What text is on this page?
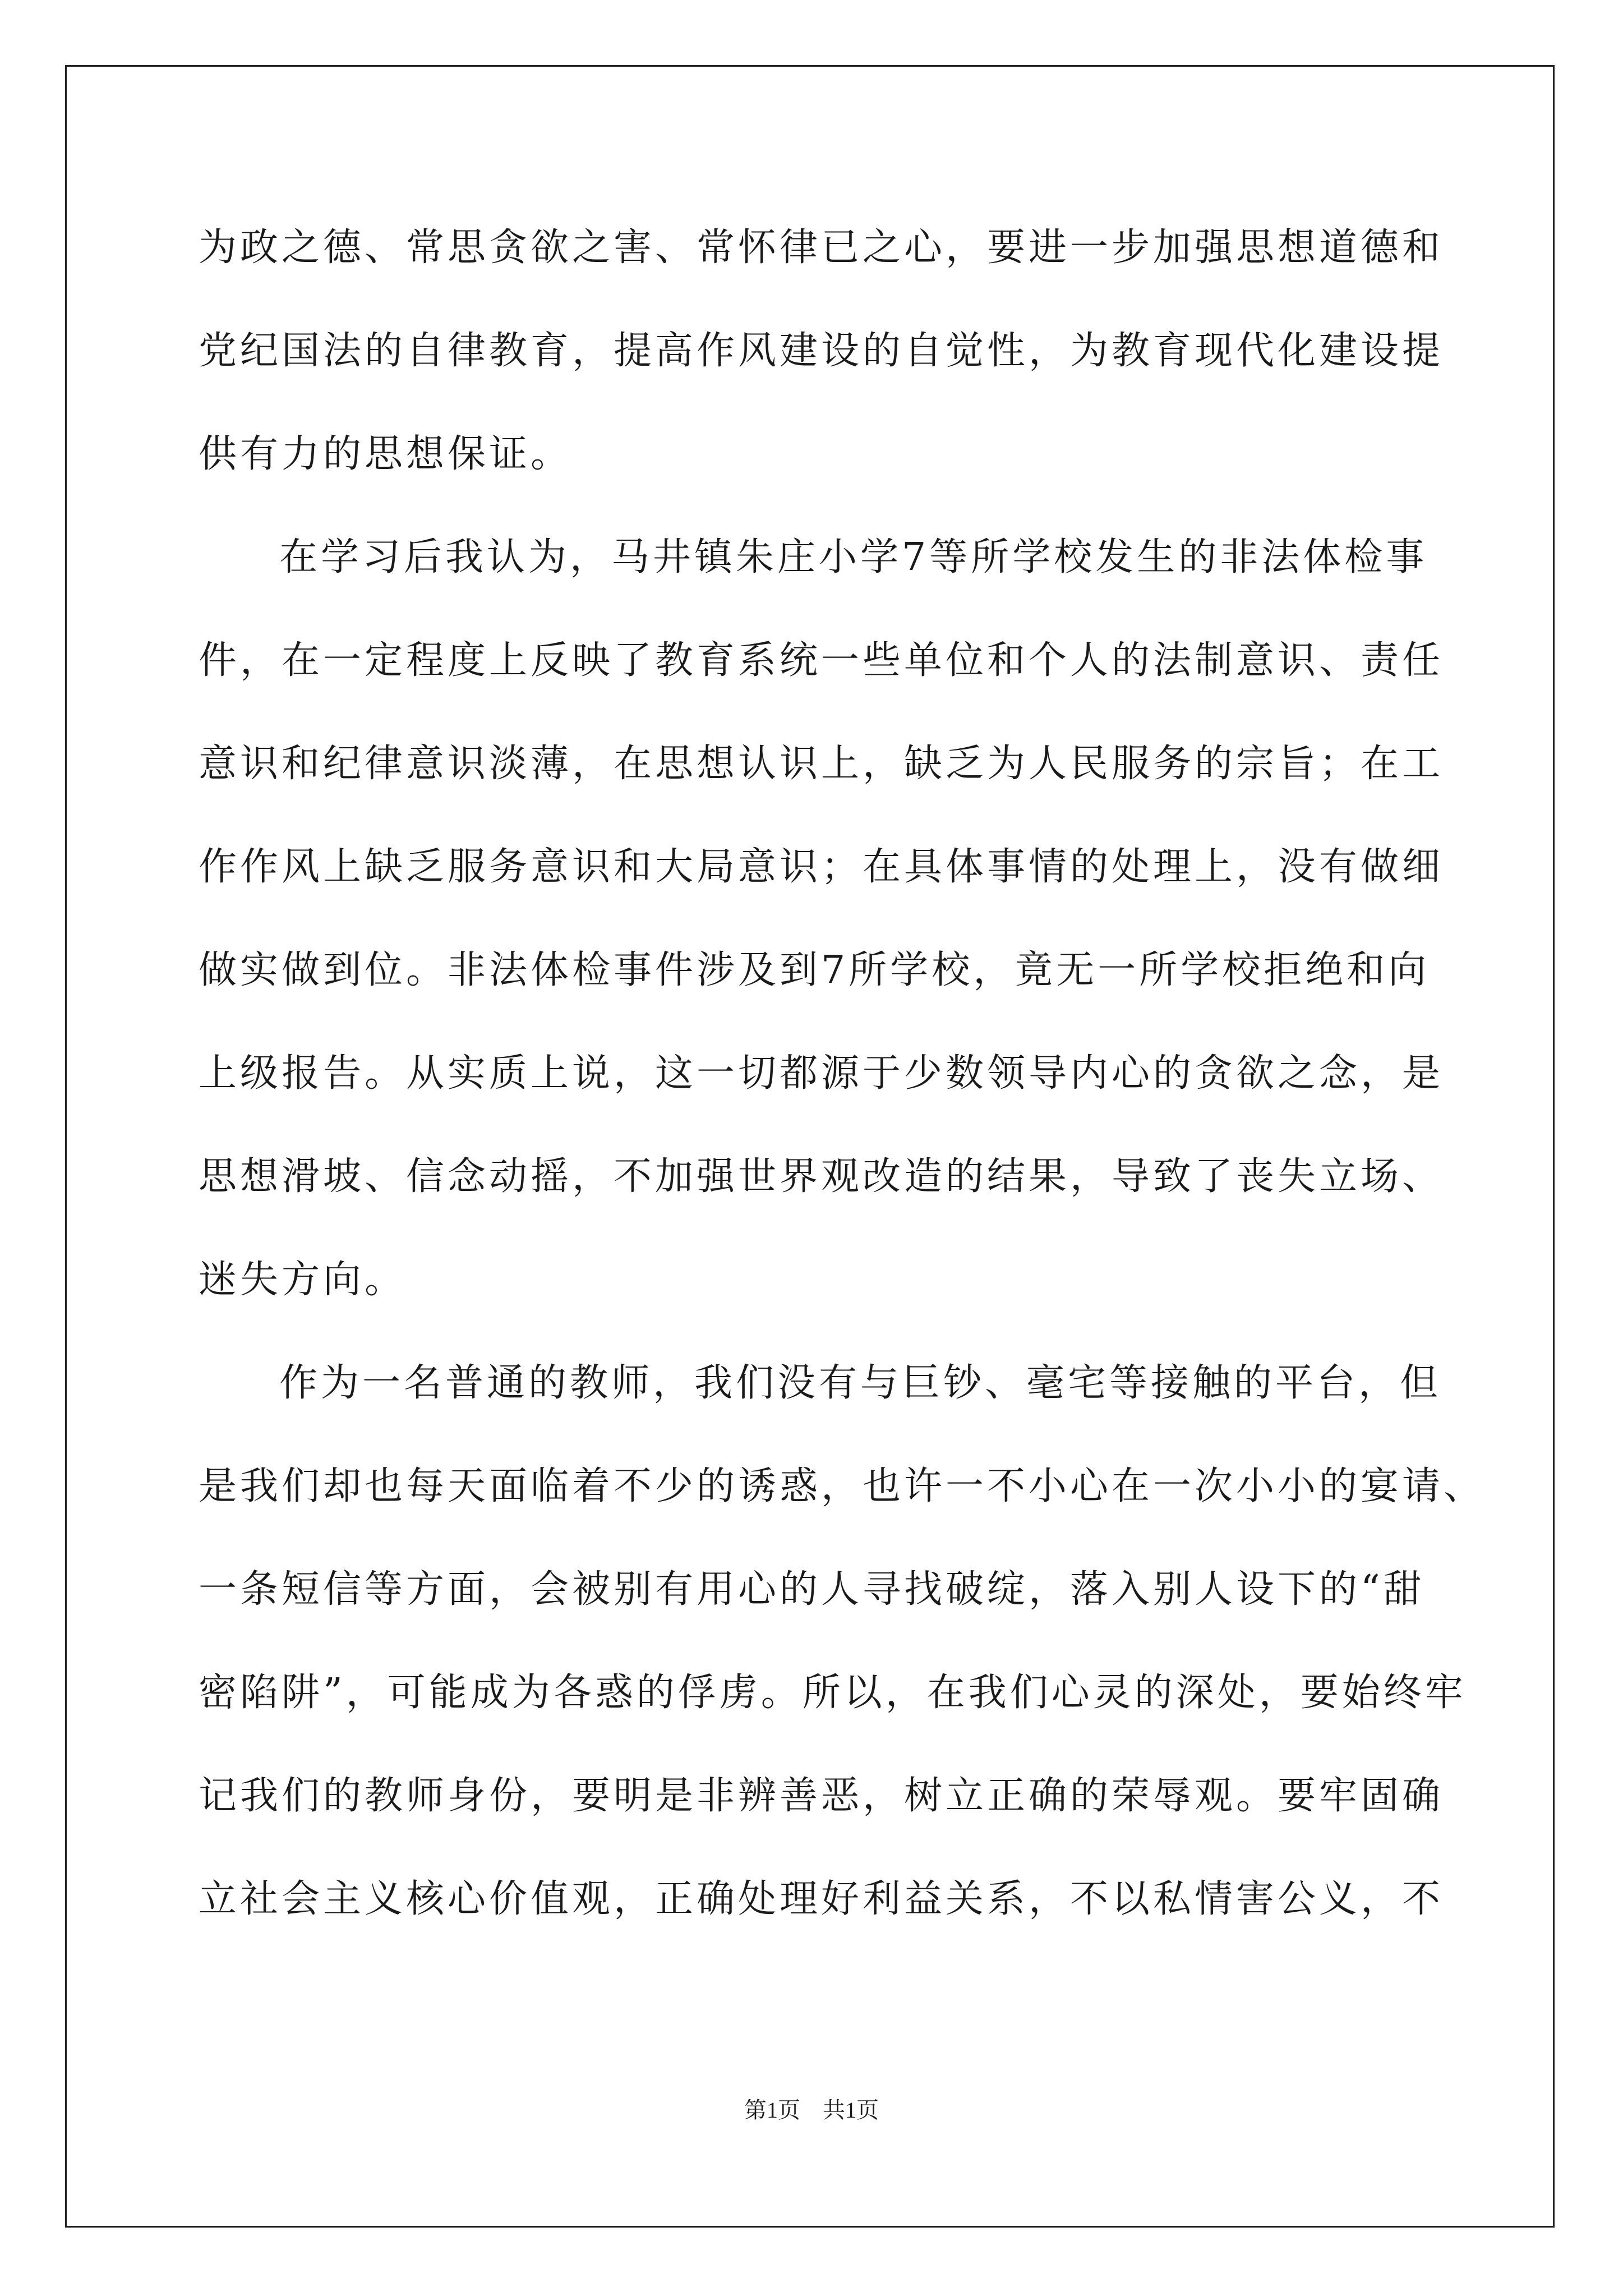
为政之德、常思贪欲之害、常怀律已之心，要进一步加强思想道德和
党纪国法的自律教育，提高作风建设的自觉性，为教育现代化建设提
供有力的思想保证。
在学习后我认为，马井镇朱庄小学7等所学校发生的非法体检事
件，在一定程度上反映了教育系统一些单位和个人的法制意识、责任
意识和纪律意识淡薄，在思想认识上，缺乏为人民服务的宗旨；在工
作作风上缺乏服务意识和大局意识；在具体事情的处理上，没有做细
做实做到位。非法体检事件涉及到7所学校，竟无一所学校拒绝和向
上级报告。从实质上说，这一切都源于少数领导内心的贪欲之念，是
思想滑坡、信念动摇，不加强世界观改造的结果，导致了丧失立场、
迷失方向。
作为一名普通的教师，我们没有与巨钞、毫宅等接触的平台，但
是我们却也每天面临着不少的诱惑，也许一不小心在一次小小的宴请、
一条短信等方面，会被别有用心的人寻找破绽，落入别人设下的“甜
密陷阱”，可能成为各惑的俘虏。所以，在我们心灵的深处，要始终牢
记我们的教师身份，要明是非辨善恶，树立正确的荣辱观。要牢固确
立社会主义核心价值观，正确处理好利益关系，不以私情害公义，不
第1页 共1页
